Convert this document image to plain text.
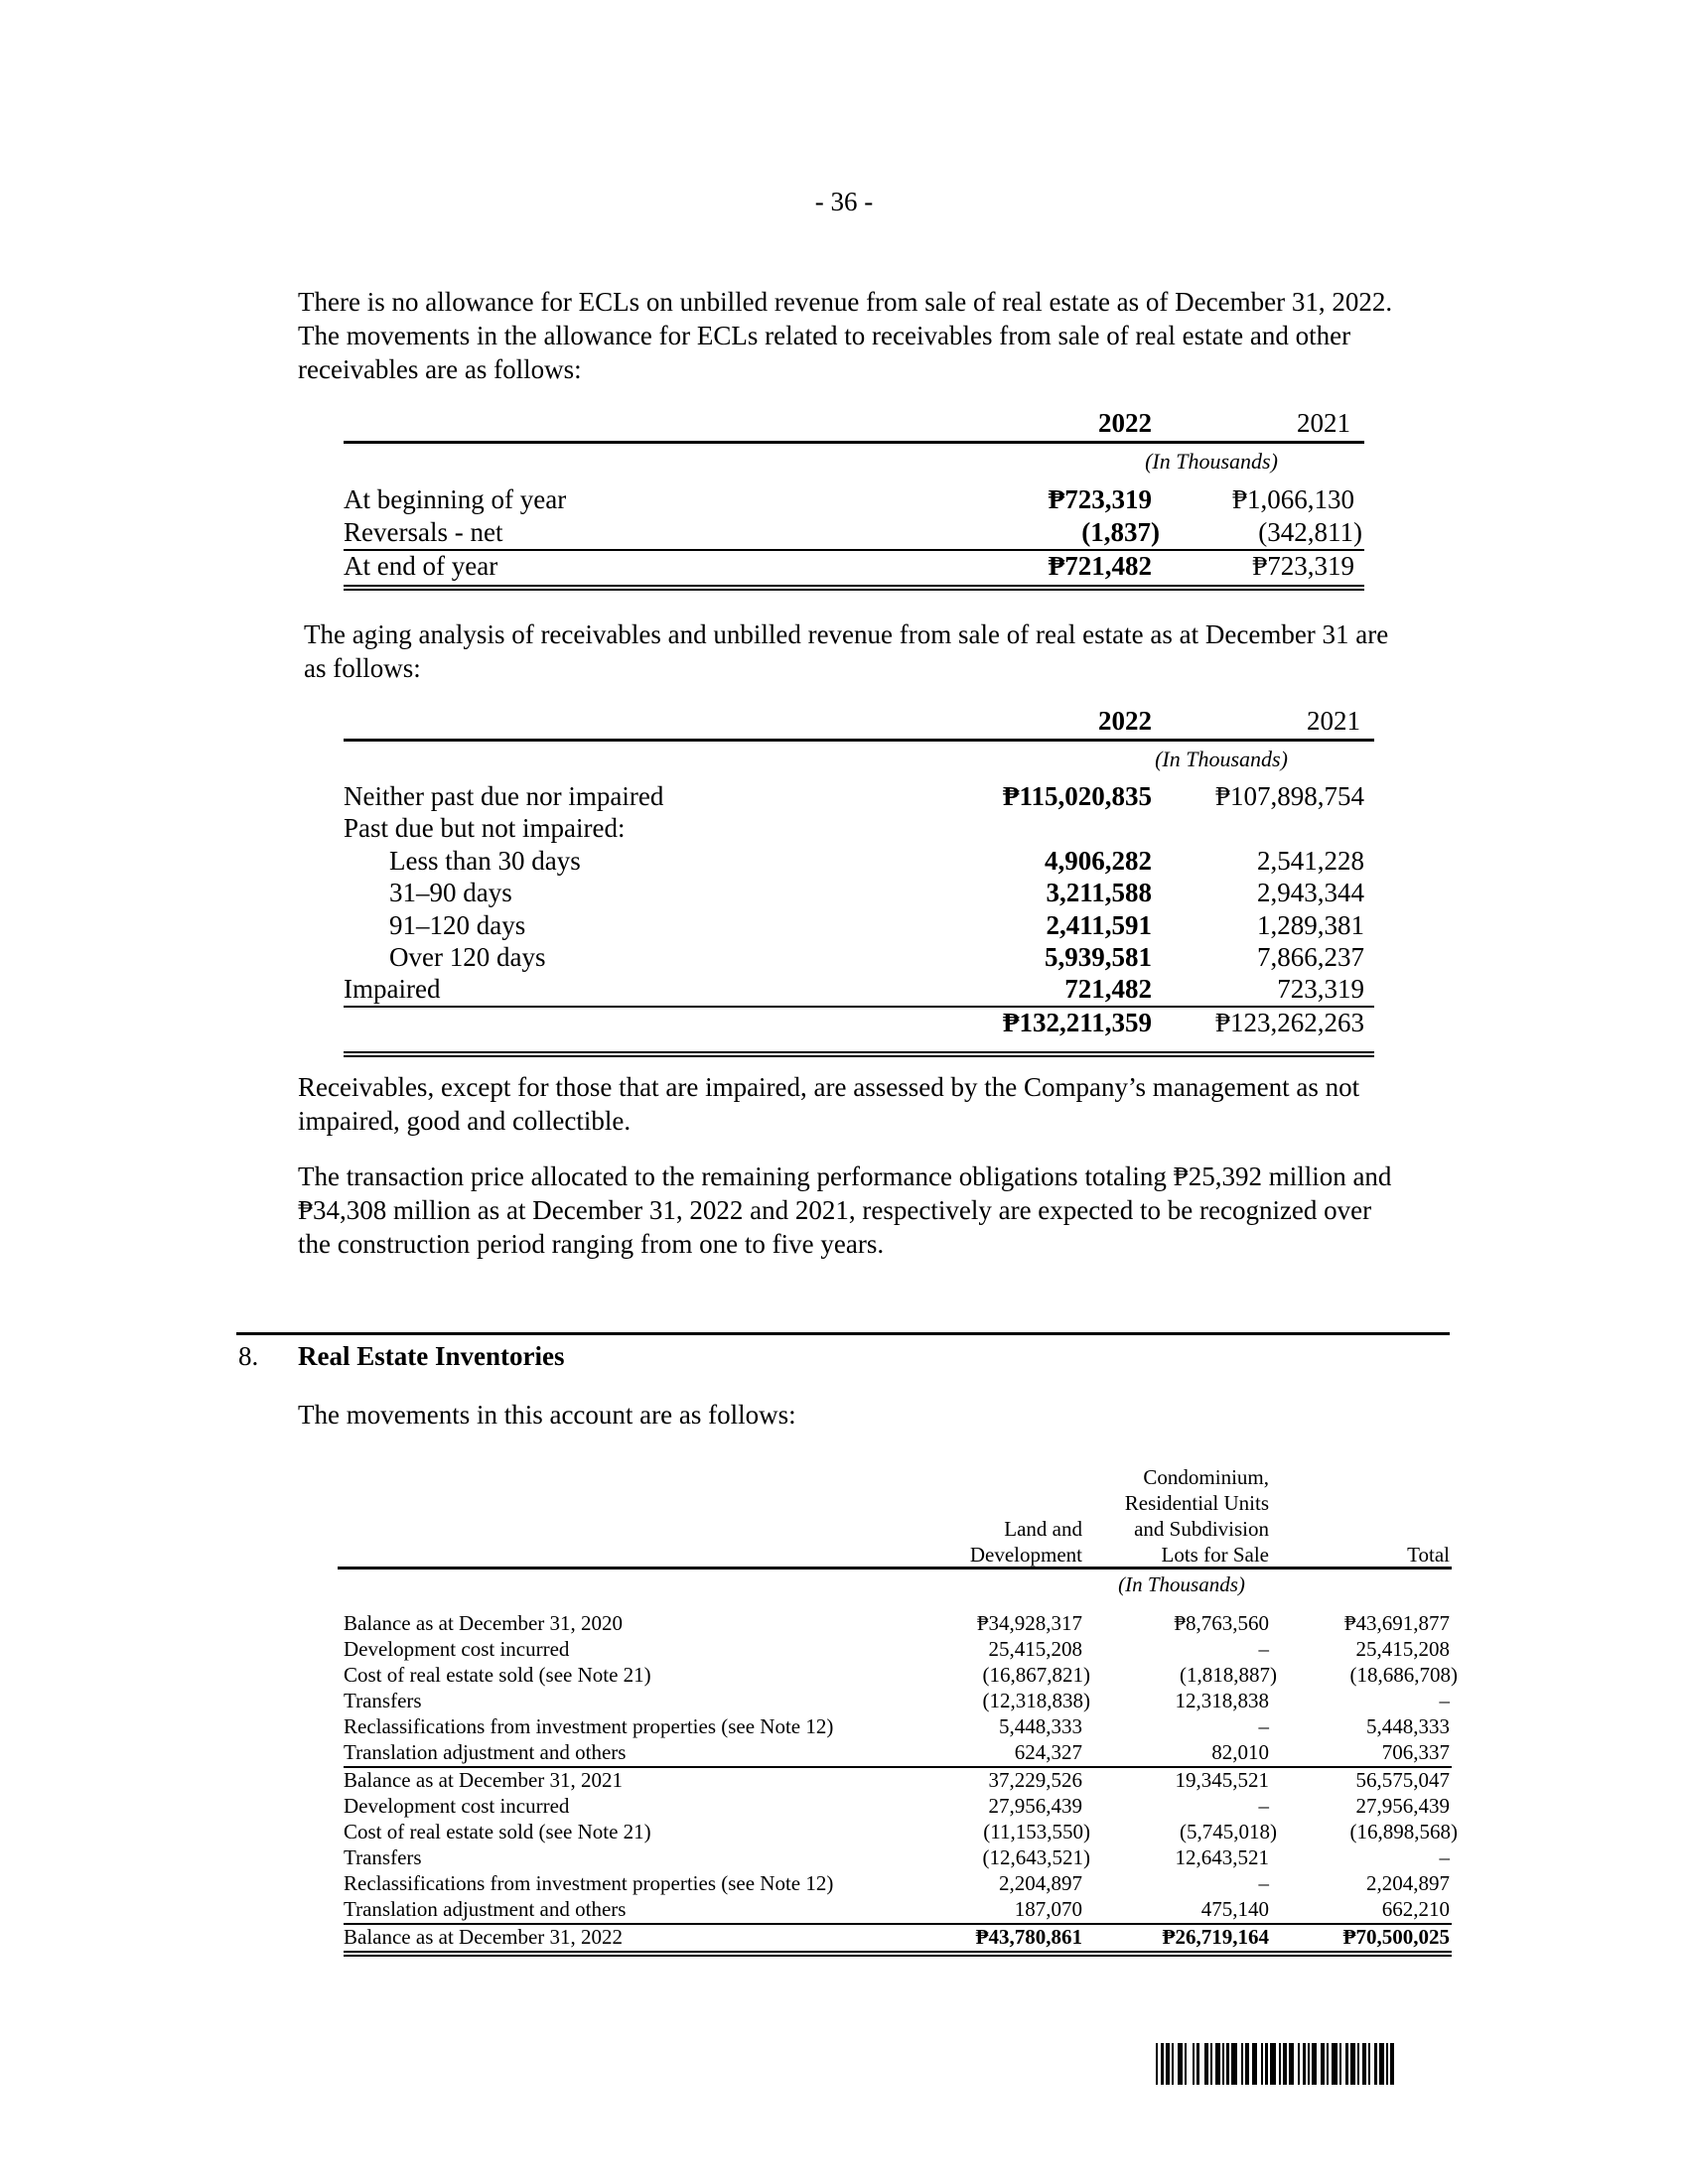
- 36 -
There is no allowance for ECLs on unbilled revenue from sale of real estate as of December 31, 2022.
The movements in the allowance for ECLs related to receivables from sale of real estate and other
receivables are as follows:
2022	2021
(In Thousands)
At beginning of year	₱723,319	₱1,066,130
Reversals - net	(1,837)	(342,811)
At end of year	₱721,482	₱723,319
The aging analysis of receivables and unbilled revenue from sale of real estate as at December 31 are
as follows:
2022	2021
(In Thousands)
Neither past due nor impaired	₱115,020,835 ₱107,898,754
Past due but not impaired:
Less than 30 days	4,906,282	2,541,228
31–90 days	3,211,588	2,943,344
91–120 days	2,411,591	1,289,381
Over 120 days	5,939,581	7,866,237
Impaired	721,482	723,319
₱132,211,359 ₱123,262,263
Receivables, except for those that are impaired, are assessed by the Company’s management as not
impaired, good and collectible.
The transaction price allocated to the remaining performance obligations totaling ₱25,392 million and
₱34,308 million as at December 31, 2022 and 2021, respectively are expected to be recognized over
the construction period ranging from one to five years.
8. Real Estate Inventories
The movements in this account are as follows:
Land and
Development
Condominium,
Residential Units
and Subdivision
Lots for Sale	Total
(In Thousands)
Balance as at December 31, 2020	₱34,928,317	₱8,763,560	₱43,691,877
Development cost incurred	25,415,208	–	25,415,208
Cost of real estate sold (see Note 21)	(16,867,821)	(1,818,887)	(18,686,708)
Transfers	(12,318,838)	12,318,838	–
Reclassifications from investment properties (see Note 12)	5,448,333	–	5,448,333
Translation adjustment and others	624,327	82,010	706,337
Balance as at December 31, 2021	37,229,526	19,345,521	56,575,047
Development cost incurred	27,956,439	–	27,956,439
Cost of real estate sold (see Note 21)	(11,153,550)	(5,745,018)	(16,898,568)
Transfers	(12,643,521)	12,643,521	–
Reclassifications from investment properties (see Note 12)	2,204,897	–	2,204,897
Translation adjustment and others	187,070	475,140	662,210
Balance as at December 31, 2022	₱43,780,861	₱26,719,164	₱70,500,025
